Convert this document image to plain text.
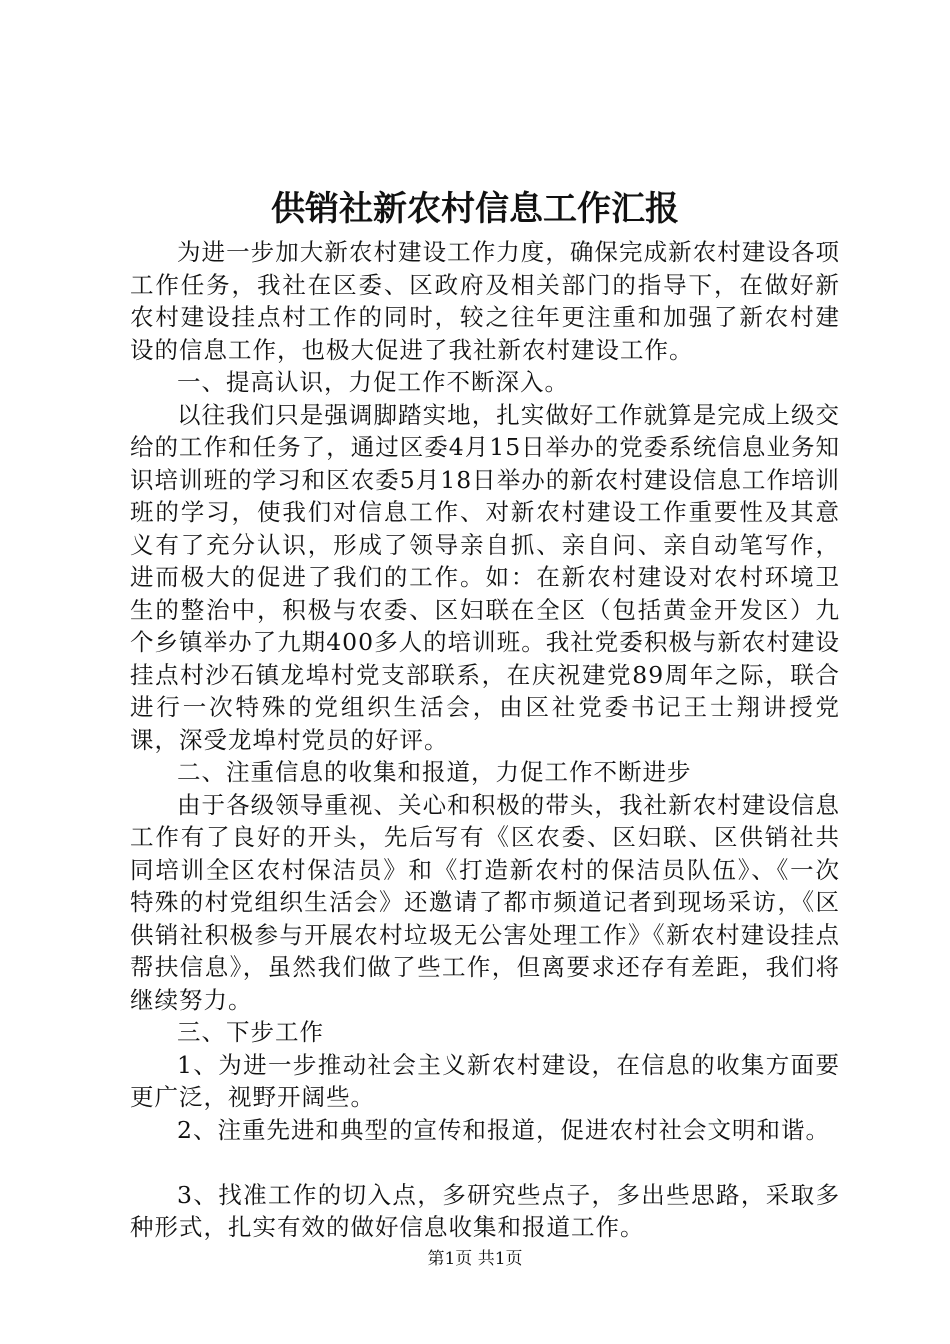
供销社新农村信息工作汇报

为进一步加大新农村建设工作力度，确保完成新农村建设各项工作任务，我社在区委、区政府及相关部门的指导下，在做好新农村建设挂点村工作的同时，较之往年更注重和加强了新农村建设的信息工作，也极大促进了我社新农村建设工作。

一、提高认识，力促工作不断深入。

以往我们只是强调脚踏实地，扎实做好工作就算是完成上级交给的工作和任务了，通过区委4月15日举办的党委系统信息业务知识培训班的学习和区农委5月18日举办的新农村建设信息工作培训班的学习，使我们对信息工作、对新农村建设工作重要性及其意义有了充分认识，形成了领导亲自抓、亲自问、亲自动笔写作，进而极大的促进了我们的工作。如：在新农村建设对农村环境卫生的整治中，积极与农委、区妇联在全区（包括黄金开发区）九个乡镇举办了九期400多人的培训班。我社党委积极与新农村建设挂点村沙石镇龙埠村党支部联系，在庆祝建党89周年之际，联合进行一次特殊的党组织生活会，由区社党委书记王士翔讲授党课，深受龙埠村党员的好评。

二、注重信息的收集和报道，力促工作不断进步

由于各级领导重视、关心和积极的带头，我社新农村建设信息工作有了良好的开头，先后写有《区农委、区妇联、区供销社共同培训全区农村保洁员》和《打造新农村的保洁员队伍》、《一次特殊的村党组织生活会》还邀请了都市频道记者到现场采访，《区供销社积极参与开展农村垃圾无公害处理工作》《新农村建设挂点帮扶信息》，虽然我们做了些工作，但离要求还存有差距，我们将继续努力。

三、下步工作

1、为进一步推动社会主义新农村建设，在信息的收集方面要更广泛，视野开阔些。

2、注重先进和典型的宣传和报道，促进农村社会文明和谐。

3、找准工作的切入点，多研究些点子，多出些思路，采取多种形式，扎实有效的做好信息收集和报道工作。

第1页 共1页
